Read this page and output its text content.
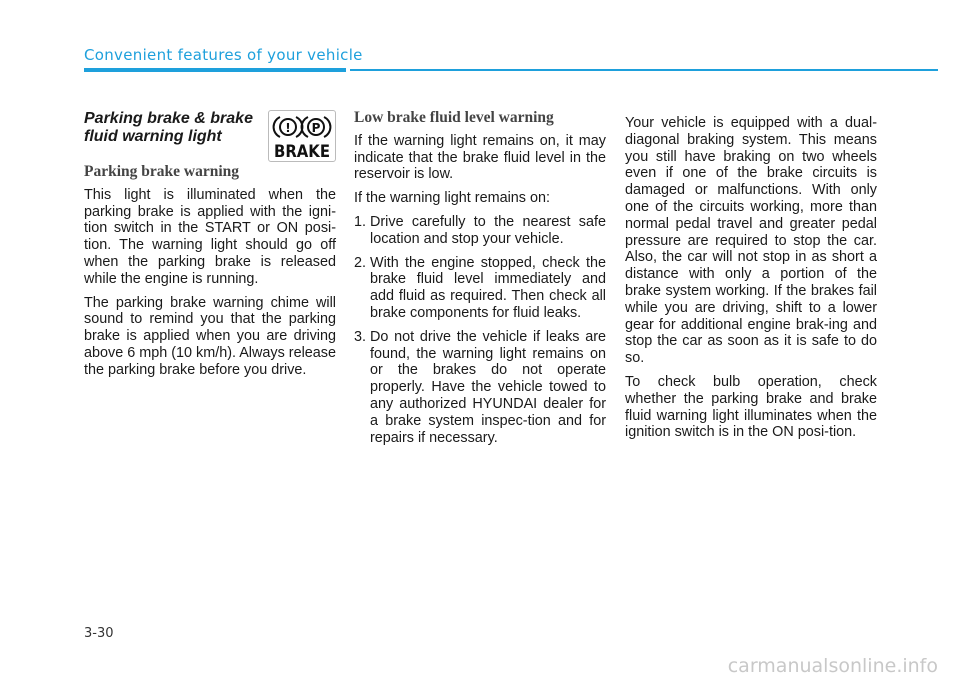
Convenient features of your vehicle
! P
BRAKE
Parking brake & brake fluid warning light
Parking brake warning

This light is illuminated when the parking brake is applied with the igni-tion switch in the START or ON posi-tion. The warning light should go off when the parking brake is released while the engine is running.

The parking brake warning chime will sound to remind you that the parking brake is applied when you are driving above 6 mph (10 km/h). Always release the parking brake before you drive.

Low brake fluid level warning

If the warning light remains on, it may indicate that the brake fluid level in the reservoir is low.

If the warning light remains on:

1. Drive carefully to the nearest safe location and stop your vehicle.
2. With the engine stopped, check the brake fluid level immediately and add fluid as required. Then check all brake components for fluid leaks.
3. Do not drive the vehicle if leaks are found, the warning light remains on or the brakes do not operate properly. Have the vehicle towed to any authorized HYUNDAI dealer for a brake system inspec-tion and for repairs if necessary.

Your vehicle is equipped with a dual-diagonal braking system. This means you still have braking on two wheels even if one of the brake circuits is damaged or malfunctions. With only one of the circuits working, more than normal pedal travel and greater pedal pressure are required to stop the car. Also, the car will not stop in as short a distance with only a portion of the brake system working. If the brakes fail while you are driving, shift to a lower gear for additional engine brak-ing and stop the car as soon as it is safe to do so.

To check bulb operation, check whether the parking brake and brake fluid warning light illuminates when the ignition switch is in the ON posi-tion.

3-30
carmanualsonline.info
